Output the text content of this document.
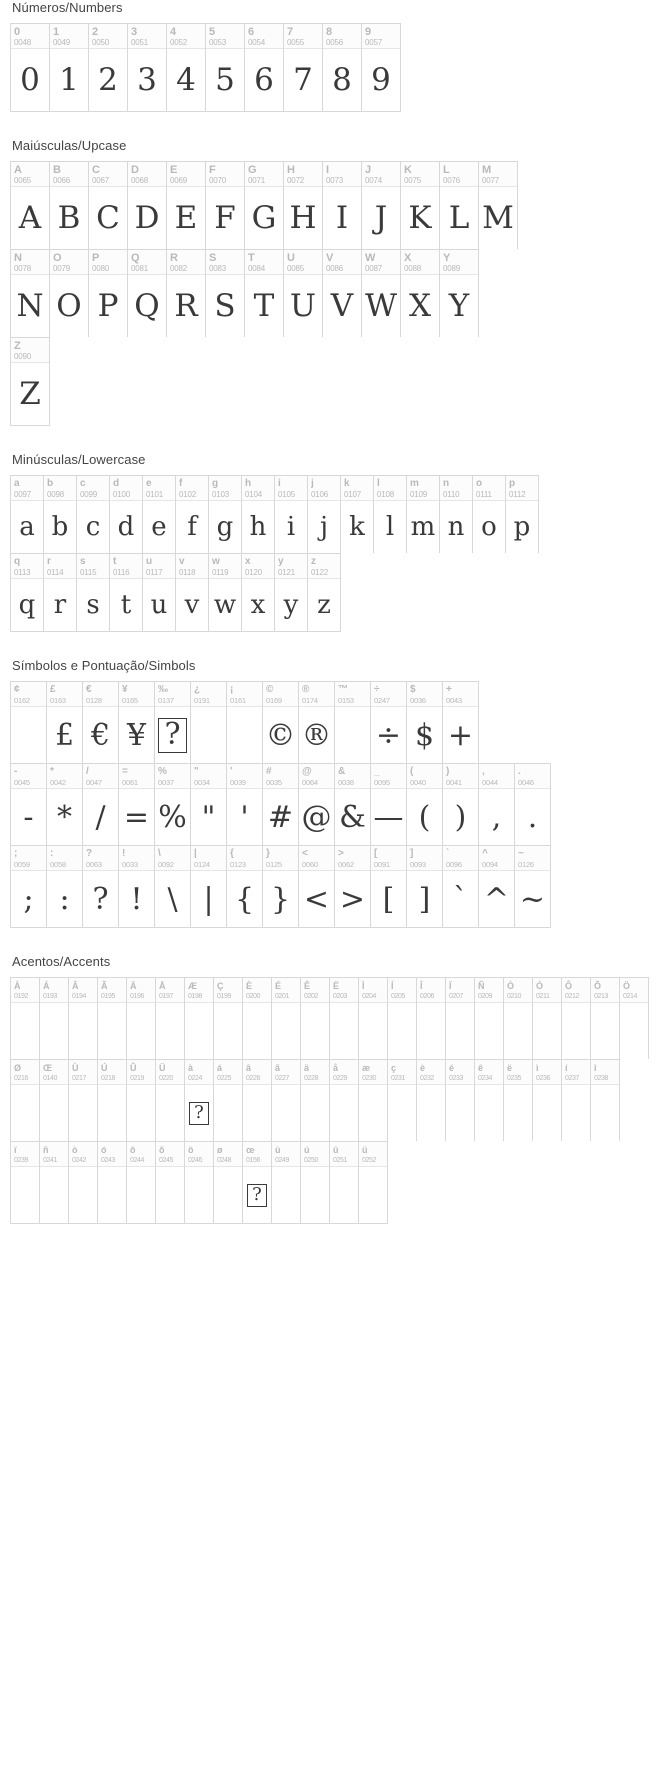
Números/Numbers
0
0048
0
1
0049
1
2
0050
2
3
0051
3
4
0052
4
5
0053
5
6
0054
6
7
0055
7
8
0056
8
9
0057
9
Maiúsculas/Upcase
A
0065
A
B
0066
B
C
0067
C
D
0068
D
E
0069
E
F
0070
F
G
0071
G
H
0072
H
I
0073
I
J
0074
J
K
0075
K
L
0076
L
M
0077
M
N
0078
N
O
0079
O
P
0080
P
Q
0081
Q
R
0082
R
S
0083
S
T
0084
T
U
0085
U
V
0086
V
W
0087
W
X
0088
X
Y
0089
Y
Z
0090
Z
Minúsculas/Lowercase
a
0097
a
b
0098
b
c
0099
c
d
0100
d
e
0101
e
f
0102
f
g
0103
g
h
0104
h
i
0105
i
j
0106
j
k
0107
k
l
0108
l
m
0109
m
n
0110
n
o
0111
o
p
0112
p
q
0113
q
r
0114
r
s
0115
s
t
0116
t
u
0117
u
v
0118
v
w
0119
w
x
0120
x
y
0121
y
z
0122
z
Símbolos e Pontuação/Simbols
¢
0162
£
0163
£
€
0128
€
¥
0165
¥
‰
0137
?
¿
0191
¡
0161
©
0169
©
®
0174
®
™
0153
÷
0247
÷
$
0036
$
+
0043
+
-
0045
-
*
0042
*
/
0047
/
=
0061
=
%
0037
%
"
0034
"
'
0039
'
#
0035
#
@
0064
@
&
0038
&
_
0095
—
(
0040
(
)
0041
)
,
0044
,
.
0046
.
;
0059
;
:
0058
:
?
0063
?
!
0033
!
\
0092
\
|
0124
|
{
0123
{
}
0125
}
<
0060
<
>
0062
>
[
0091
[
]
0093
]
`
0096
`
^
0094
^
~
0126
~
Acentos/Accents
À
0192
Á
0193
Â
0194
Ã
0195
Ä
0196
Å
0197
Æ
0198
Ç
0199
È
0200
É
0201
Ê
0202
Ë
0203
Ì
0204
Í
0205
Î
0206
Ï
0207
Ñ
0209
Ò
0210
Ó
0211
Ô
0212
Õ
0213
Ö
0214
Ø
0216
Œ
0140
Ù
0217
Ú
0218
Û
0219
Ü
0220
à
0224
?
á
0225
â
0226
ã
0227
ä
0228
å
0229
æ
0230
ç
0231
è
0232
é
0233
ê
0234
ë
0235
ì
0236
í
0237
î
0238
ï
0239
ñ
0241
ò
0242
ó
0243
ô
0244
õ
0245
ö
0246
ø
0248
œ
0156
?
ù
0249
ú
0250
û
0251
ü
0252
